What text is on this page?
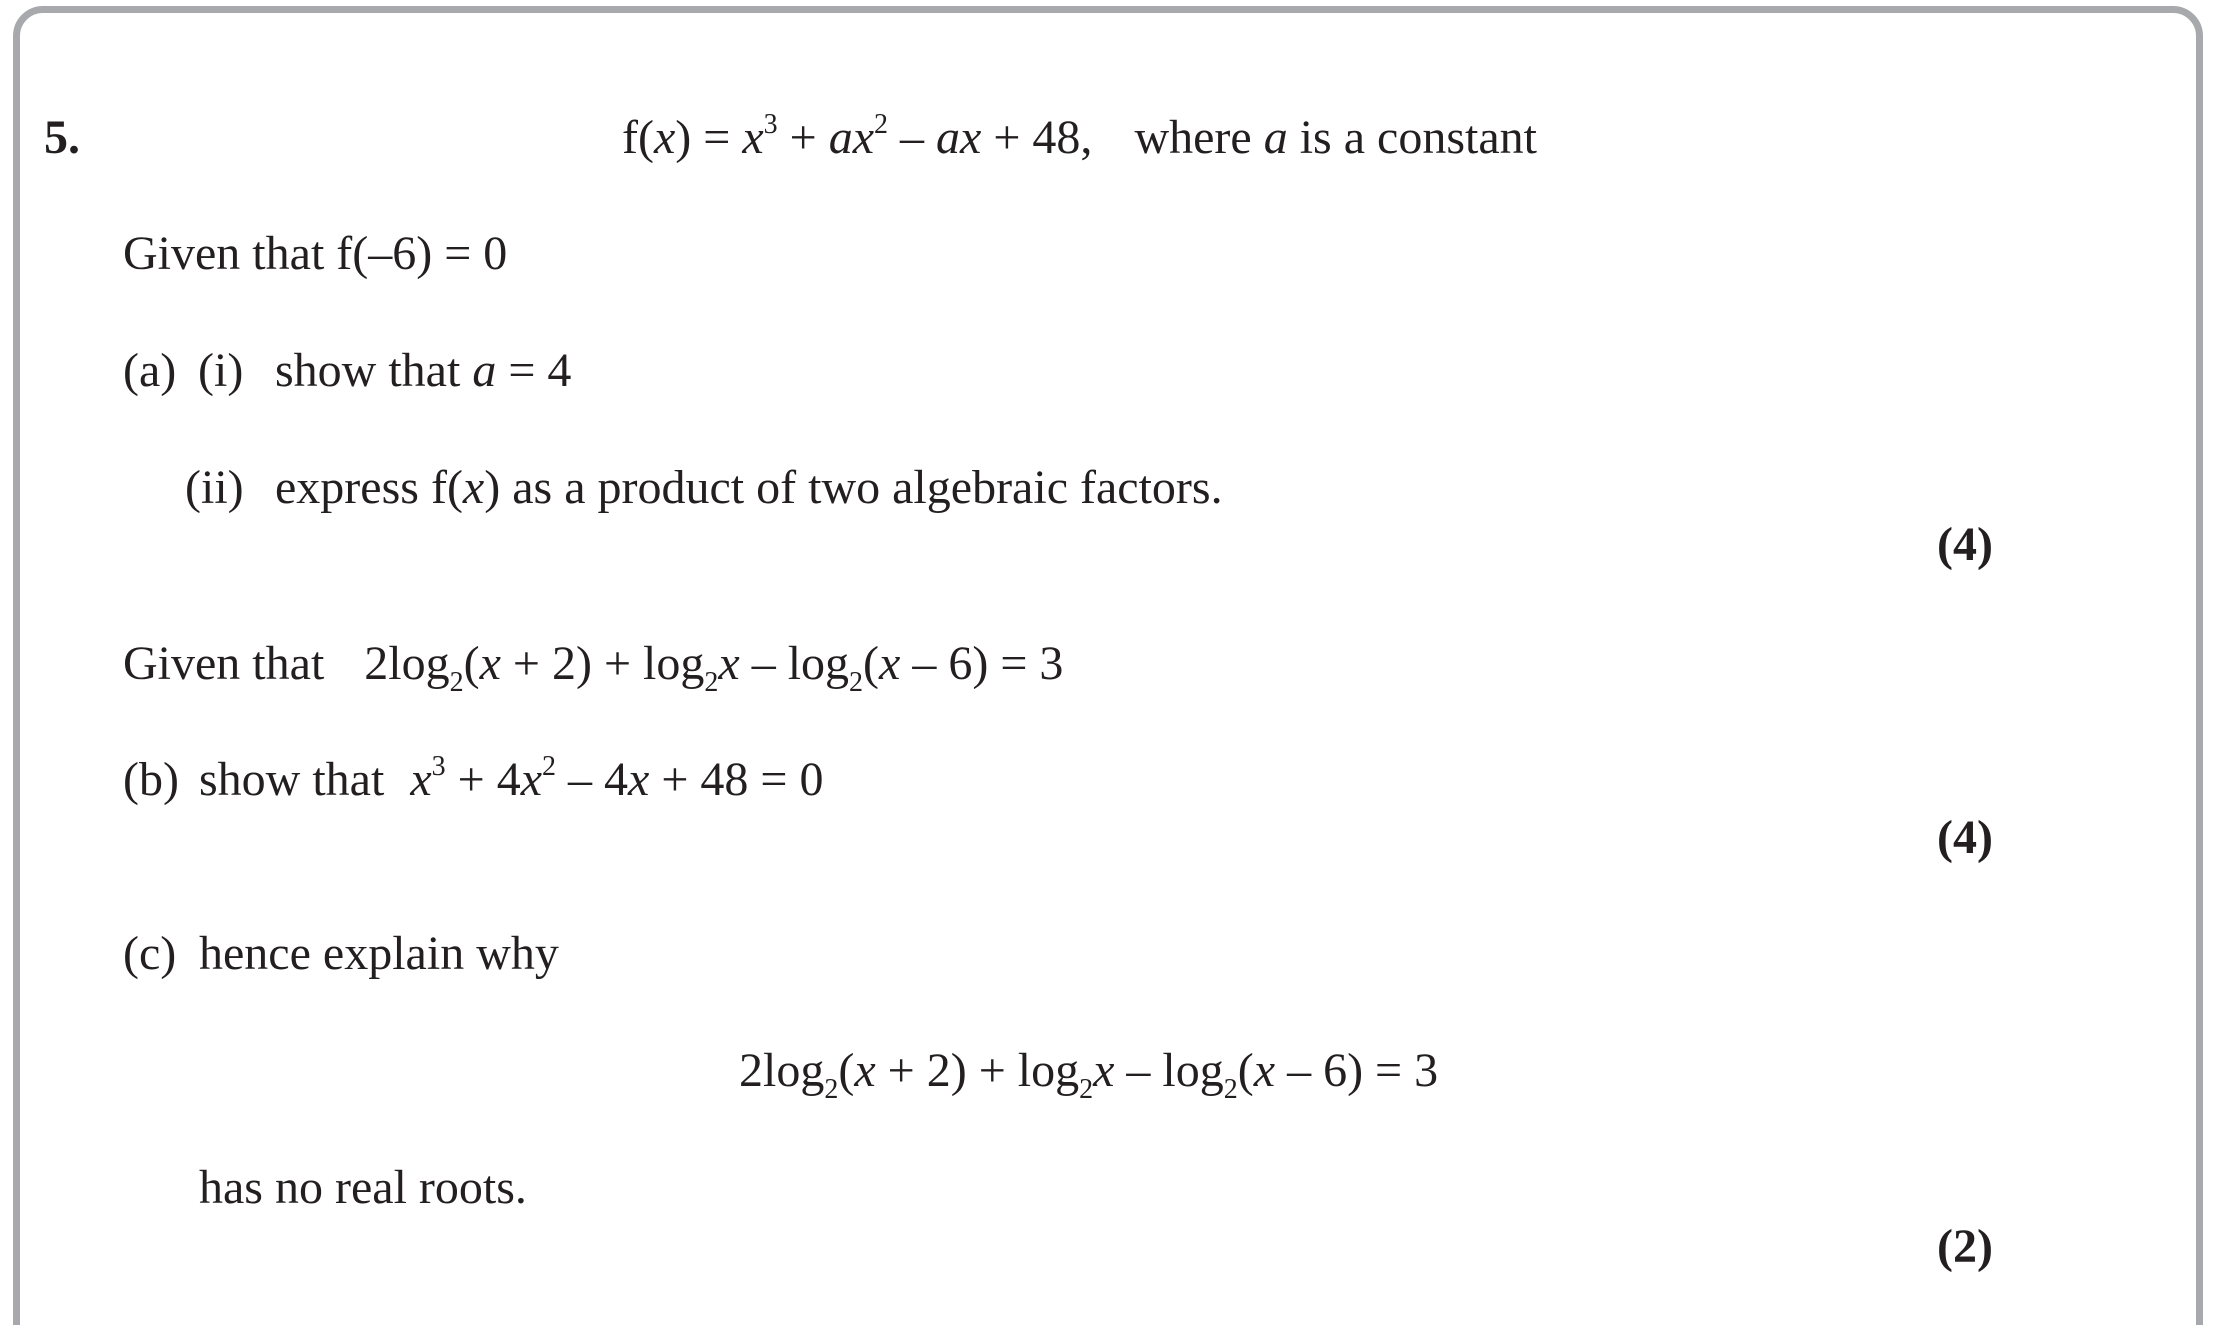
5.	$f(x) = x^3 + ax^2$ – ax + 48, where a is a constant
Given that f(–6) = 0
(a) (i) show that a = 4
(ii) express f(x) as a product of two algebraic factors.
(4)
Given that $2\log_2(x + 2) + \log_2x - \log_2(x - 6) = 3$
(b) show that $x^3 + 4x^2 - 4x + 48 = 0$
(4)
(c) hence explain why
$2\log_2(x + 2) + \log_2x - \log_2(x - 6) = 3$
has no real roots.
(2)
